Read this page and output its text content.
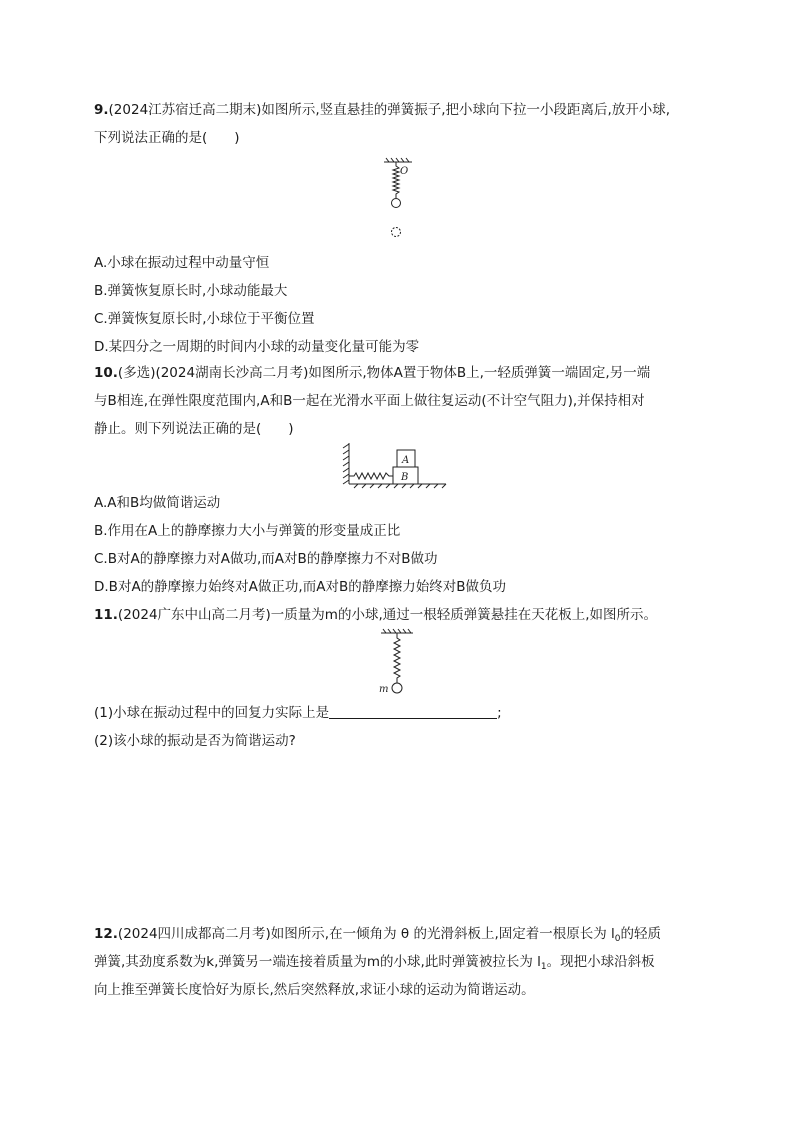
9.(2024江苏宿迁高二期末)如图所示,竖直悬挂的弹簧振子,把小球向下拉一小段距离后,放开小球,
下列说法正确的是(　　)
O
A.小球在振动过程中动量守恒
B.弹簧恢复原长时,小球动能最大
C.弹簧恢复原长时,小球位于平衡位置
D.某四分之一周期的时间内小球的动量变化量可能为零
10.(多选)(2024湖南长沙高二月考)如图所示,物体A置于物体B上,一轻质弹簧一端固定,另一端
与B相连,在弹性限度范围内,A和B一起在光滑水平面上做往复运动(不计空气阻力),并保持相对
静止。则下列说法正确的是(　　)
A
B
A.A和B均做简谐运动
B.作用在A上的静摩擦力大小与弹簧的形变量成正比
C.B对A的静摩擦力对A做功,而A对B的静摩擦力不对B做功
D.B对A的静摩擦力始终对A做正功,而A对B的静摩擦力始终对B做负功
11.(2024广东中山高二月考)一质量为m的小球,通过一根轻质弹簧悬挂在天花板上,如图所示。
m
(1)小球在振动过程中的回复力实际上是	;
(2)该小球的振动是否为简谐运动?
12.(2024四川成都高二月考)如图所示,在一倾角为 θ 的光滑斜板上,固定着一根原长为 $l_0$的轻质
弹簧,其劲度系数为k,弹簧另一端连接着质量为m的小球,此时弹簧被拉长为 $l_1$。现把小球沿斜板
向上推至弹簧长度恰好为原长,然后突然释放,求证小球的运动为简谐运动。
